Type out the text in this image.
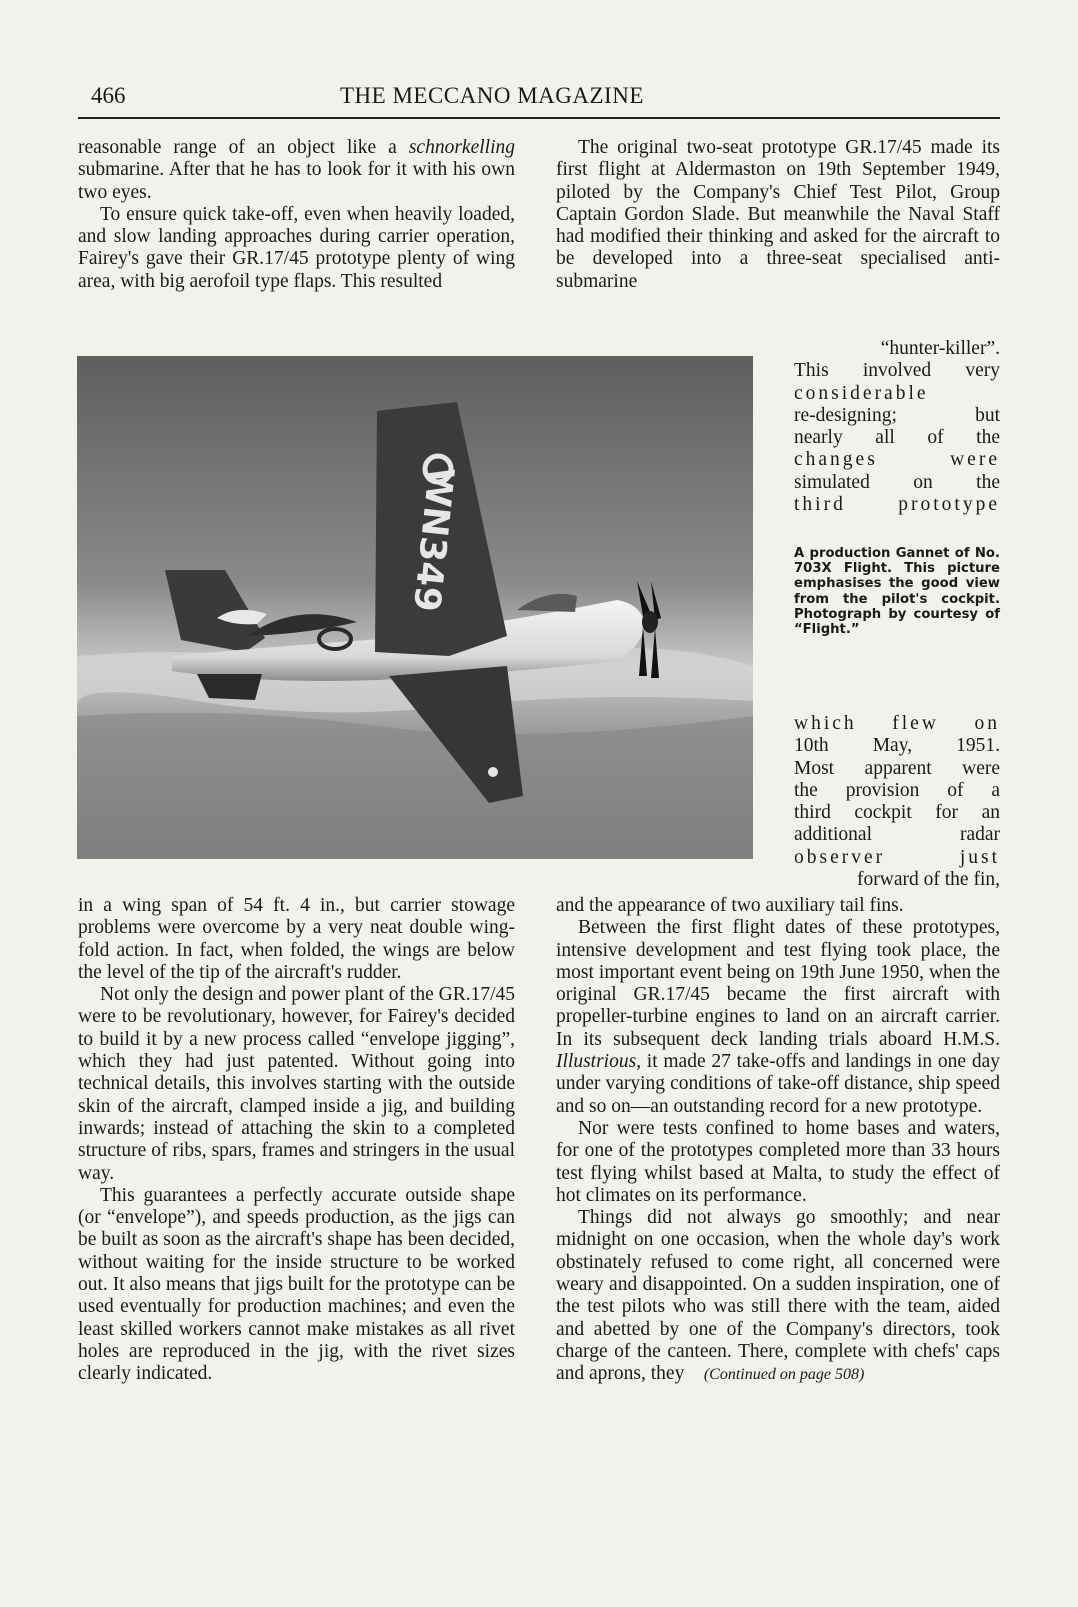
466	THE MECCANO MAGAZINE

reasonable range of an object like a schnorkelling submarine. After that he has to look for it with his own two eyes.

To ensure quick take-off, even when heavily loaded, and slow landing approaches during carrier operation, Fairey's gave their GR.17/45 prototype plenty of wing area, with big aerofoil type flaps. This resulted

The original two-seat prototype GR.17/45 made its first flight at Aldermaston on 19th September 1949, piloted by the Company's Chief Test Pilot, Group Captain Gordon Slade. But meanwhile the Naval Staff had modified their thinking and asked for the aircraft to be developed into a three-seat specialised anti-submarine

“hunter-killer”.
This involved very
considerable
re-designing; but
nearly all of the
changes were
simulated on the
third prototype
A production Gannet of No. 703X Flight. This picture emphasises the good view from the pilot's cockpit. Photograph by courtesy of “Flight.”
WN349
which flew on
10th May, 1951.
Most apparent were
the provision of a
third cockpit for an
additional radar
observer just
forward of the fin,

in a wing span of 54 ft. 4 in., but carrier stowage problems were overcome by a very neat double wing-fold action. In fact, when folded, the wings are below the level of the tip of the aircraft's rudder.

Not only the design and power plant of the GR.17/45 were to be revolutionary, however, for Fairey's decided to build it by a new process called “envelope jigging”, which they had just patented. Without going into technical details, this involves starting with the outside skin of the aircraft, clamped inside a jig, and building inwards; instead of attaching the skin to a completed structure of ribs, spars, frames and stringers in the usual way.

This guarantees a perfectly accurate outside shape (or “envelope”), and speeds production, as the jigs can be built as soon as the aircraft's shape has been decided, without waiting for the inside structure to be worked out. It also means that jigs built for the prototype can be used eventually for production machines; and even the least skilled workers cannot make mistakes as all rivet holes are reproduced in the jig, with the rivet sizes clearly indicated.

and the appearance of two auxiliary tail fins.

Between the first flight dates of these prototypes, intensive development and test flying took place, the most important event being on 19th June 1950, when the original GR.17/45 became the first aircraft with propeller-turbine engines to land on an aircraft carrier. In its subsequent deck landing trials aboard H.M.S. Illustrious, it made 27 take-offs and landings in one day under varying conditions of take-off distance, ship speed and so on—an outstanding record for a new prototype.

Nor were tests confined to home bases and waters, for one of the prototypes completed more than 33 hours test flying whilst based at Malta, to study the effect of hot climates on its performance.

Things did not always go smoothly; and near midnight on one occasion, when the whole day's work obstinately refused to come right, all concerned were weary and disappointed. On a sudden inspiration, one of the test pilots who was still there with the team, aided and abetted by one of the Company's directors, took charge of the canteen. There, complete with chefs' caps and aprons, they (Continued on page 508)
